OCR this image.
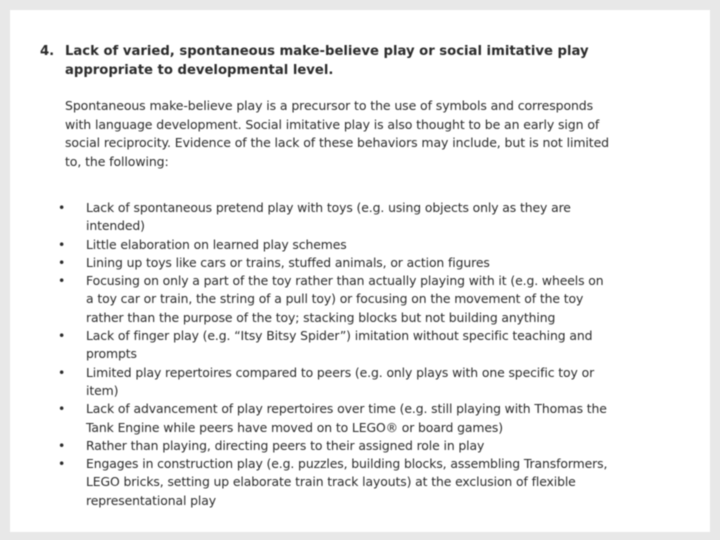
4. Lack of varied, spontaneous make-believe play or social imitative play
appropriate to developmental level.
Spontaneous make-believe play is a precursor to the use of symbols and corresponds
with language development. Social imitative play is also thought to be an early sign of
social reciprocity. Evidence of the lack of these behaviors may include, but is not limited
to, the following:
• Lack of spontaneous pretend play with toys (e.g. using objects only as they are
intended)
• Little elaboration on learned play schemes
• Lining up toys like cars or trains, stuffed animals, or action figures
• Focusing on only a part of the toy rather than actually playing with it (e.g. wheels on
a toy car or train, the string of a pull toy) or focusing on the movement of the toy
rather than the purpose of the toy; stacking blocks but not building anything
• Lack of finger play (e.g. “Itsy Bitsy Spider”) imitation without specific teaching and
prompts
• Limited play repertoires compared to peers (e.g. only plays with one specific toy or
item)
• Lack of advancement of play repertoires over time (e.g. still playing with Thomas the
Tank Engine while peers have moved on to LEGO® or board games)
• Rather than playing, directing peers to their assigned role in play
• Engages in construction play (e.g. puzzles, building blocks, assembling Transformers,
LEGO bricks, setting up elaborate train track layouts) at the exclusion of flexible
representational play
